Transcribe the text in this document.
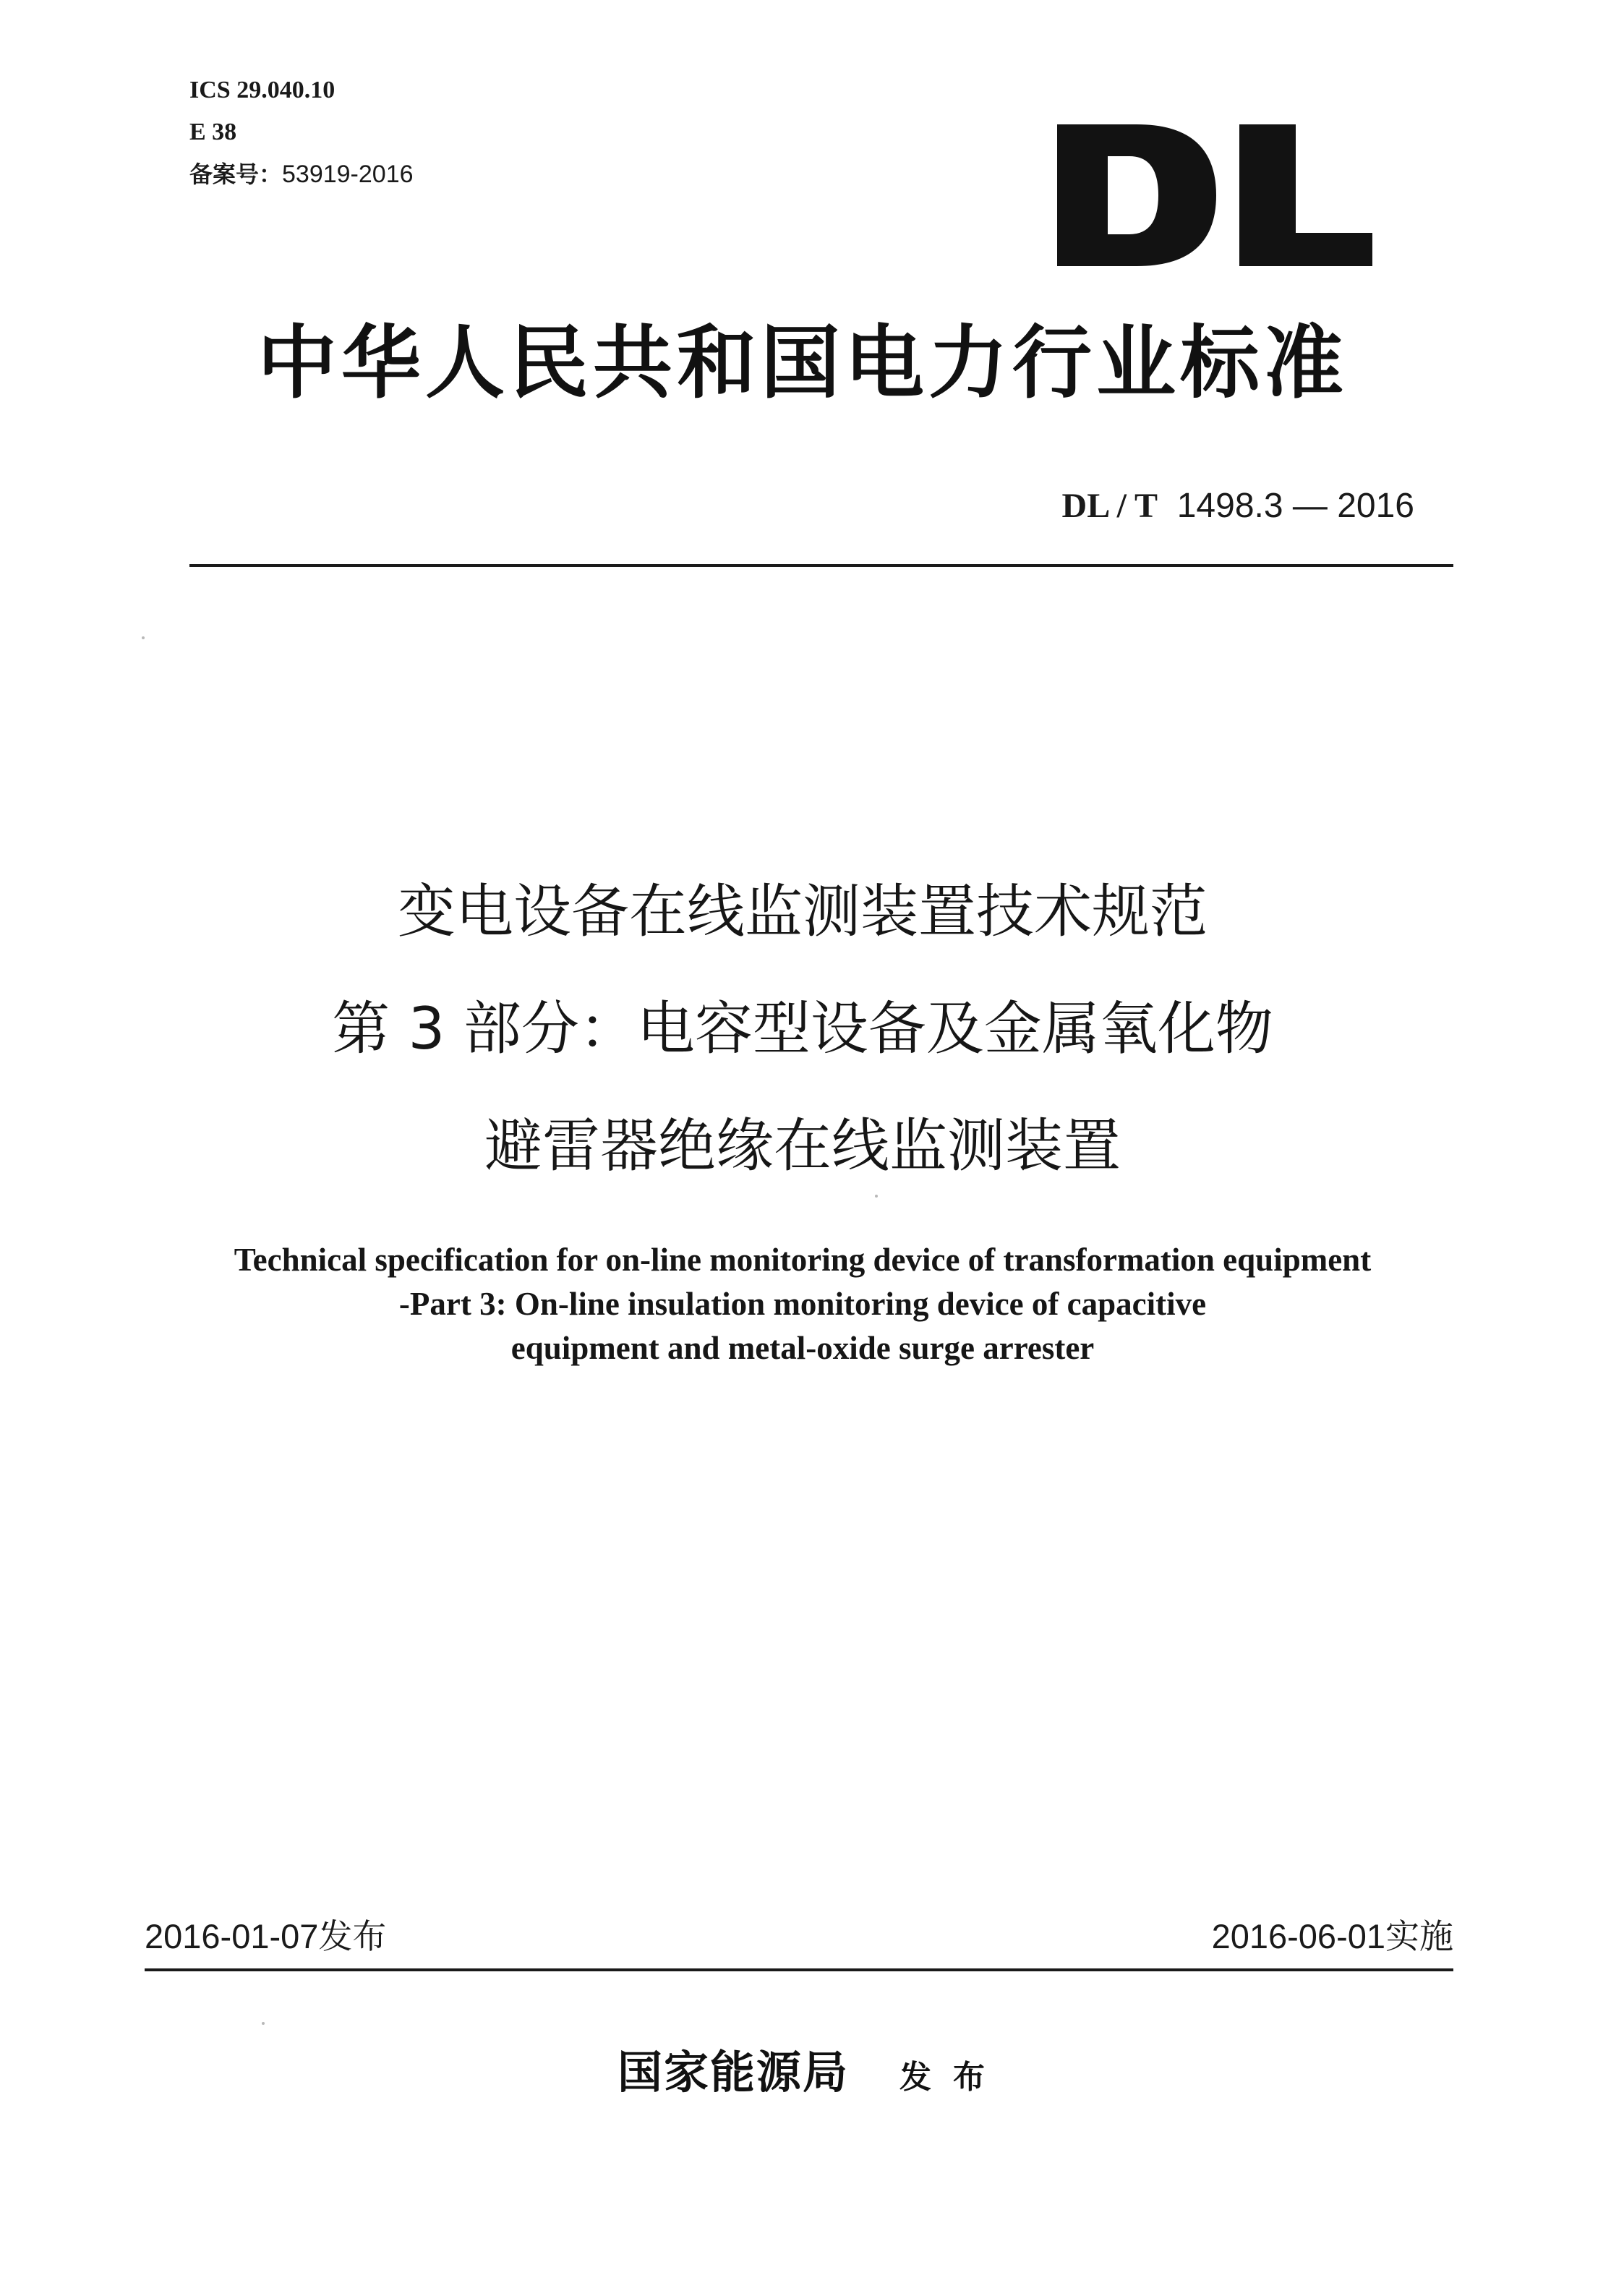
ICS 29.040.10
E 38
备案号：53919-2016
中华人民共和国电力行业标准
DL / T 1498.3 — 2016
变电设备在线监测装置技术规范
第 3 部分：电容型设备及金属氧化物
避雷器绝缘在线监测装置
Technical specification for on-line monitoring device of transformation equipment
-Part 3: On-line insulation monitoring device of capacitive
equipment and metal-oxide surge arrester
2016-01-07发布	2016-06-01实施
国家能源局 发布
